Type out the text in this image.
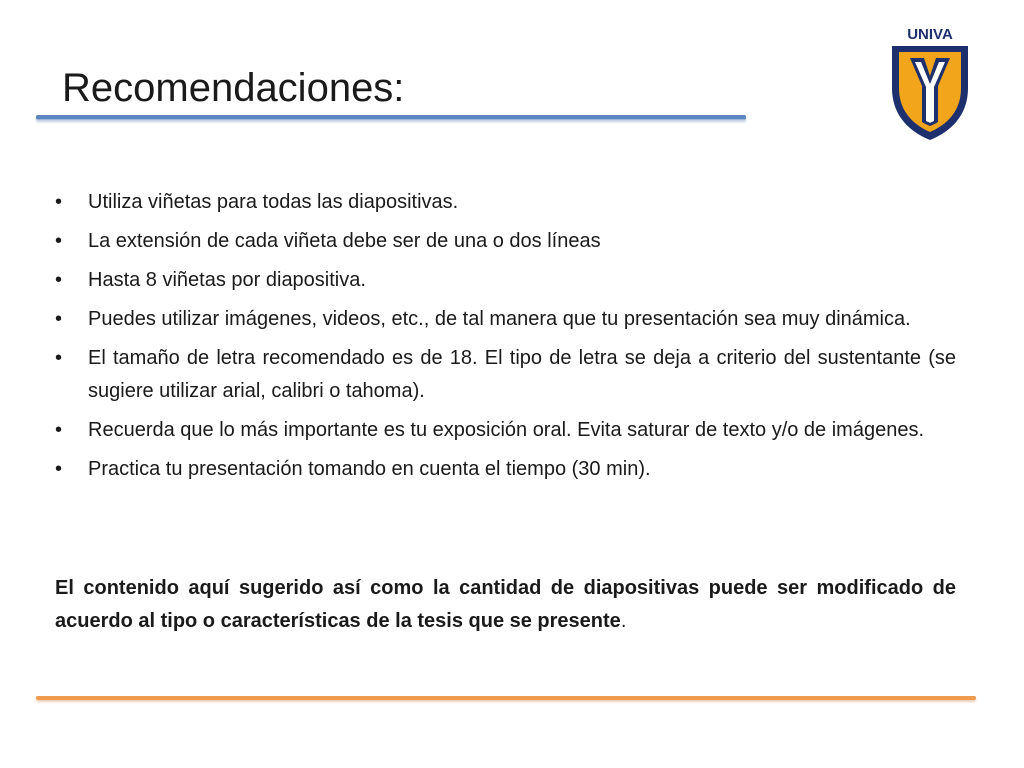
Recomendaciones:
UNIVA
•	Utiliza viñetas para todas las diapositivas.
•	La extensión de cada viñeta debe ser de una o dos líneas
•	Hasta 8 viñetas por diapositiva.
•	Puedes utilizar imágenes, videos, etc., de tal manera que tu presentación sea muy dinámica.
•	El tamaño de letra recomendado es de 18. El tipo de letra se deja a criterio del sustentante (se sugiere utilizar arial, calibri o tahoma).
•	Recuerda que lo más importante es tu exposición oral. Evita saturar de texto y/o de imágenes.
•	Practica tu presentación tomando en cuenta el tiempo (30 min).

El contenido aquí sugerido así como la cantidad de diapositivas puede ser modificado de acuerdo al tipo o características de la tesis que se presente.
